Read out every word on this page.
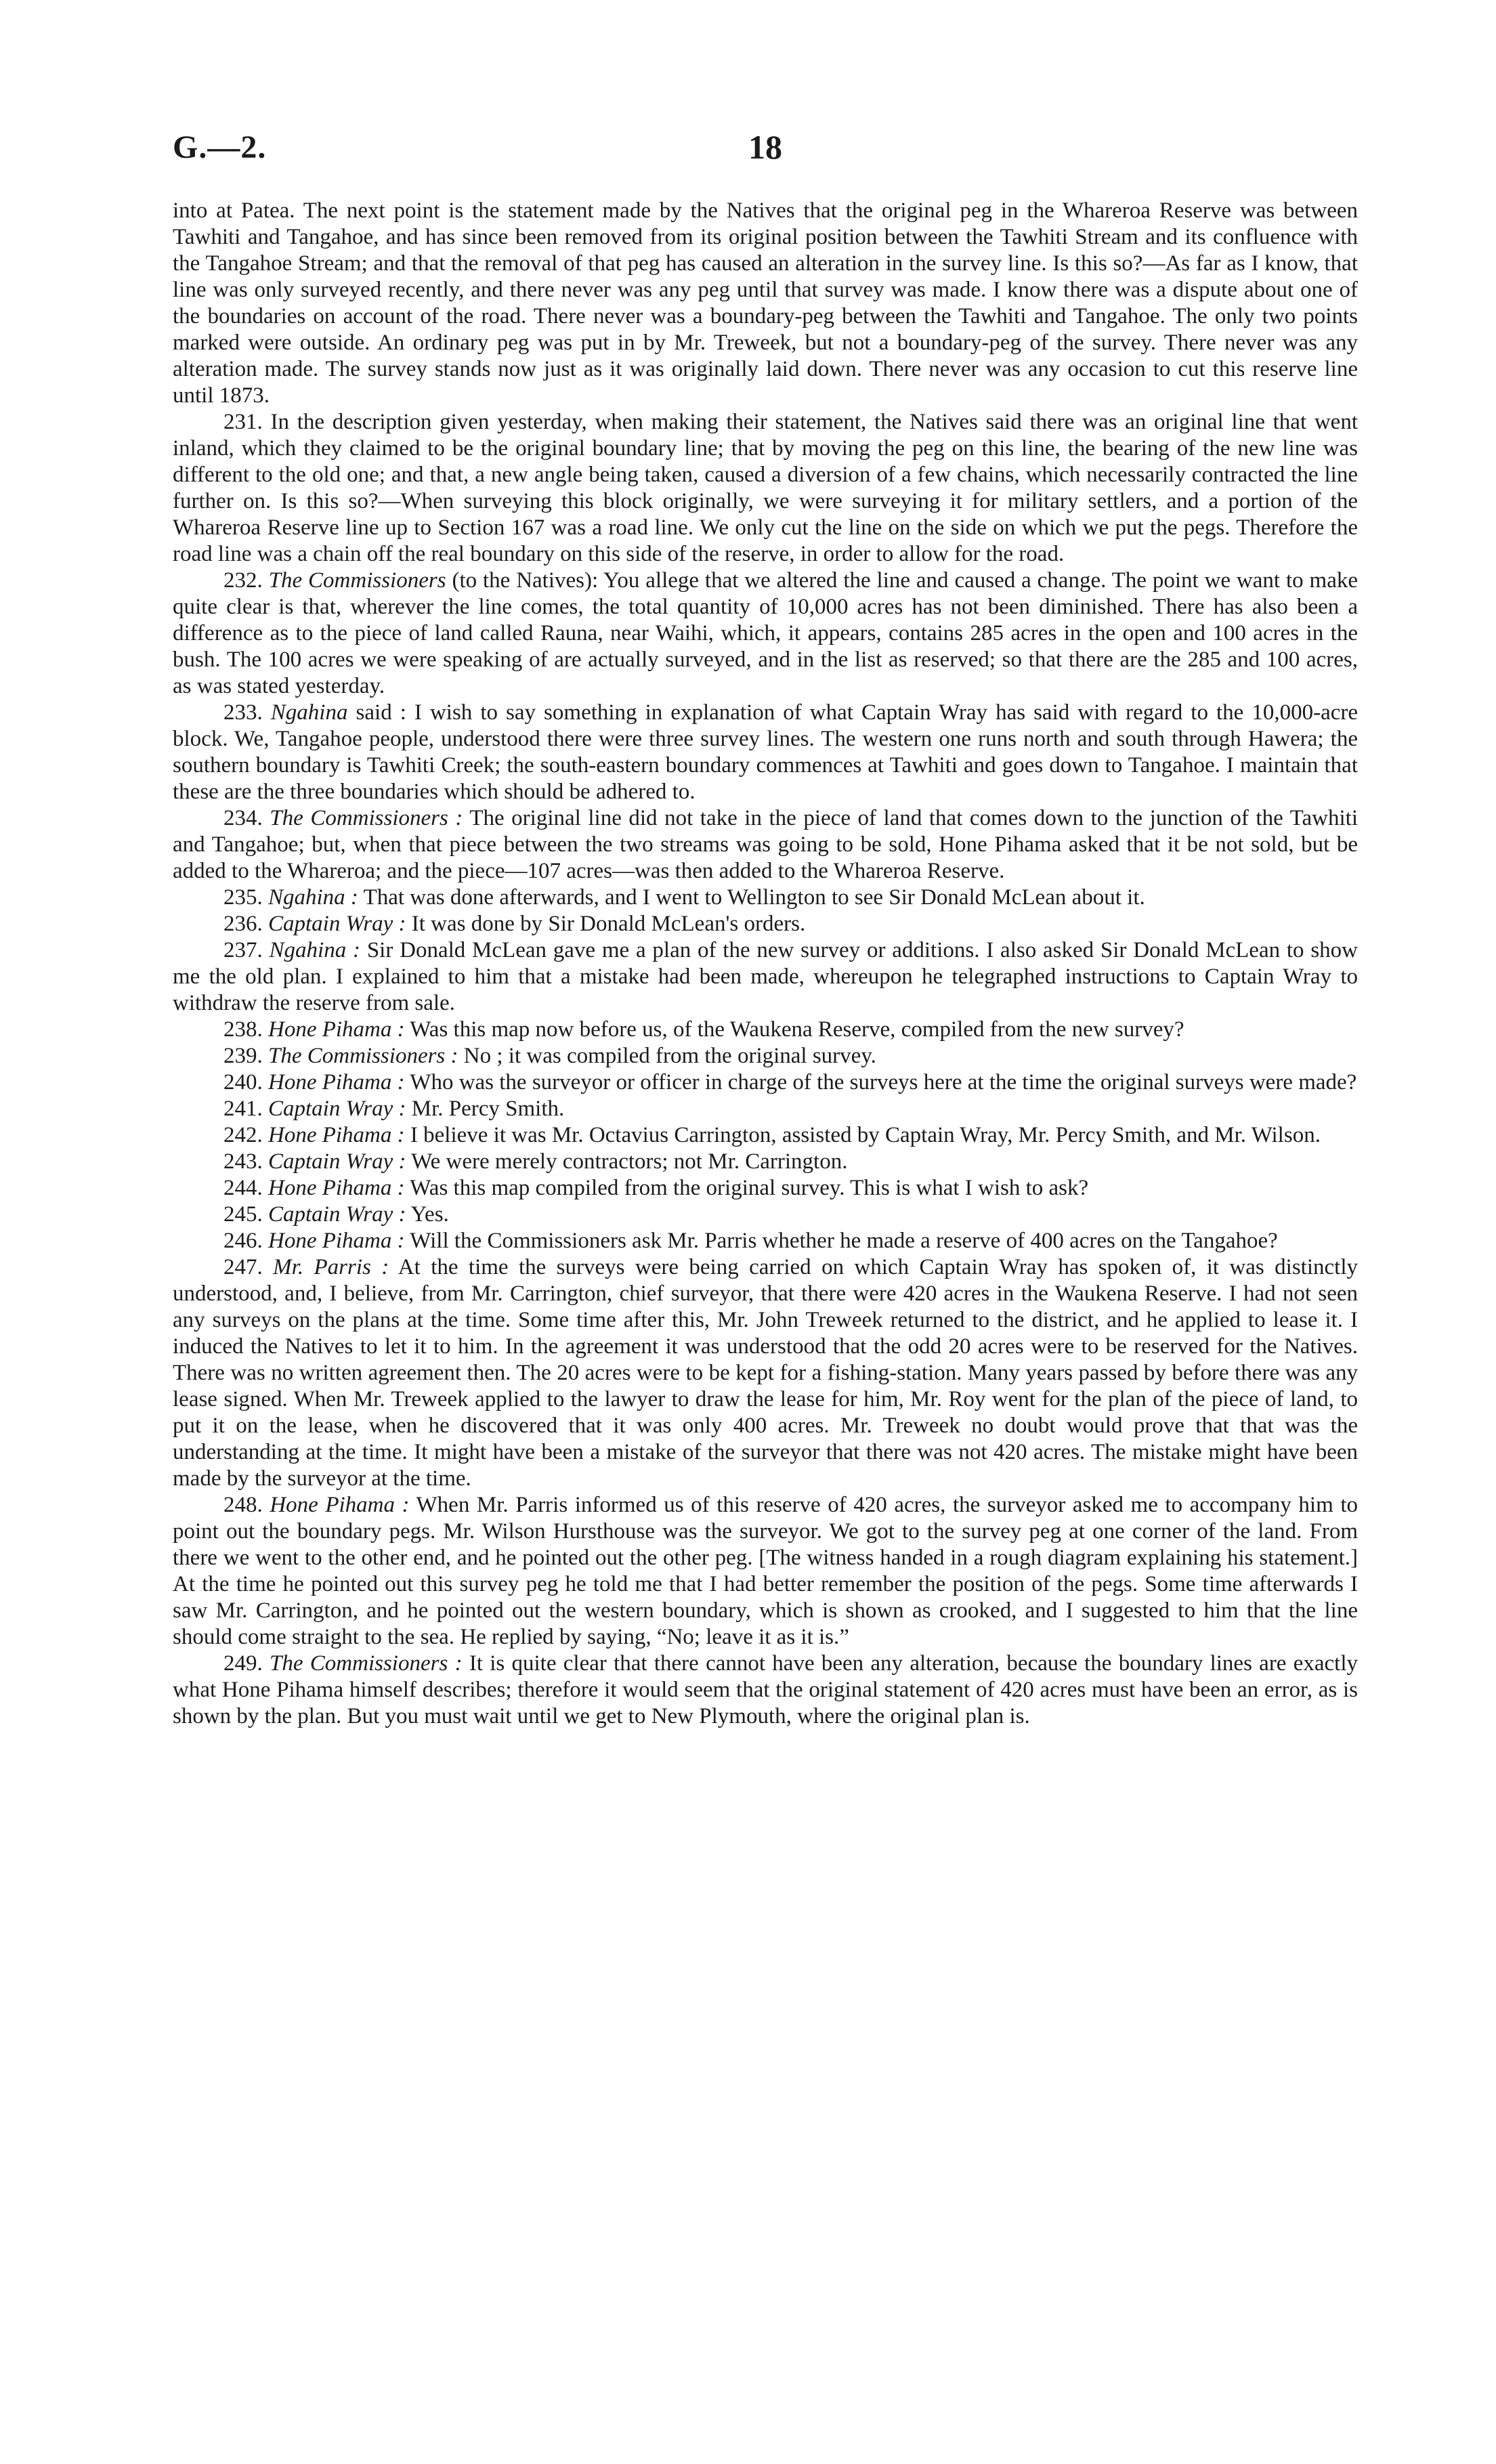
G.—2.	18

into at Patea. The next point is the statement made by the Natives that the original peg in the Whareroa Reserve was between Tawhiti and Tangahoe, and has since been removed from its original position between the Tawhiti Stream and its confluence with the Tangahoe Stream; and that the removal of that peg has caused an alteration in the survey line. Is this so?—As far as I know, that line was only surveyed recently, and there never was any peg until that survey was made. I know there was a dispute about one of the boundaries on account of the road. There never was a boundary-peg between the Tawhiti and Tangahoe. The only two points marked were outside. An ordinary peg was put in by Mr. Treweek, but not a boundary-peg of the survey. There never was any alteration made. The survey stands now just as it was originally laid down. There never was any occasion to cut this reserve line until 1873.

231. In the description given yesterday, when making their statement, the Natives said there was an original line that went inland, which they claimed to be the original boundary line; that by moving the peg on this line, the bearing of the new line was different to the old one; and that, a new angle being taken, caused a diversion of a few chains, which necessarily contracted the line further on. Is this so?—When surveying this block originally, we were surveying it for military settlers, and a portion of the Whareroa Reserve line up to Section 167 was a road line. We only cut the line on the side on which we put the pegs. Therefore the road line was a chain off the real boundary on this side of the reserve, in order to allow for the road.

232. The Commissioners (to the Natives): You allege that we altered the line and caused a change. The point we want to make quite clear is that, wherever the line comes, the total quantity of 10,000 acres has not been diminished. There has also been a difference as to the piece of land called Rauna, near Waihi, which, it appears, contains 285 acres in the open and 100 acres in the bush. The 100 acres we were speaking of are actually surveyed, and in the list as reserved; so that there are the 285 and 100 acres, as was stated yesterday.

233. Ngahina said : I wish to say something in explanation of what Captain Wray has said with regard to the 10,000-acre block. We, Tangahoe people, understood there were three survey lines. The western one runs north and south through Hawera; the southern boundary is Tawhiti Creek; the south-eastern boundary commences at Tawhiti and goes down to Tangahoe. I maintain that these are the three boundaries which should be adhered to.

234. The Commissioners : The original line did not take in the piece of land that comes down to the junction of the Tawhiti and Tangahoe; but, when that piece between the two streams was going to be sold, Hone Pihama asked that it be not sold, but be added to the Whareroa; and the piece—107 acres—was then added to the Whareroa Reserve.

235. Ngahina : That was done afterwards, and I went to Wellington to see Sir Donald McLean about it.

236. Captain Wray : It was done by Sir Donald McLean's orders.

237. Ngahina : Sir Donald McLean gave me a plan of the new survey or additions. I also asked Sir Donald McLean to show me the old plan. I explained to him that a mistake had been made, whereupon he telegraphed instructions to Captain Wray to withdraw the reserve from sale.

238. Hone Pihama : Was this map now before us, of the Waukena Reserve, compiled from the new survey?

239. The Commissioners : No ; it was compiled from the original survey.

240. Hone Pihama : Who was the surveyor or officer in charge of the surveys here at the time the original surveys were made?

241. Captain Wray : Mr. Percy Smith.

242. Hone Pihama : I believe it was Mr. Octavius Carrington, assisted by Captain Wray, Mr. Percy Smith, and Mr. Wilson.

243. Captain Wray : We were merely contractors; not Mr. Carrington.

244. Hone Pihama : Was this map compiled from the original survey. This is what I wish to ask?

245. Captain Wray : Yes.

246. Hone Pihama : Will the Commissioners ask Mr. Parris whether he made a reserve of 400 acres on the Tangahoe?

247. Mr. Parris : At the time the surveys were being carried on which Captain Wray has spoken of, it was distinctly understood, and, I believe, from Mr. Carrington, chief surveyor, that there were 420 acres in the Waukena Reserve. I had not seen any surveys on the plans at the time. Some time after this, Mr. John Treweek returned to the district, and he applied to lease it. I induced the Natives to let it to him. In the agreement it was understood that the odd 20 acres were to be reserved for the Natives. There was no written agreement then. The 20 acres were to be kept for a fishing-station. Many years passed by before there was any lease signed. When Mr. Treweek applied to the lawyer to draw the lease for him, Mr. Roy went for the plan of the piece of land, to put it on the lease, when he discovered that it was only 400 acres. Mr. Treweek no doubt would prove that that was the understanding at the time. It might have been a mistake of the surveyor that there was not 420 acres. The mistake might have been made by the surveyor at the time.

248. Hone Pihama : When Mr. Parris informed us of this reserve of 420 acres, the surveyor asked me to accompany him to point out the boundary pegs. Mr. Wilson Hursthouse was the surveyor. We got to the survey peg at one corner of the land. From there we went to the other end, and he pointed out the other peg. [The witness handed in a rough diagram explaining his statement.] At the time he pointed out this survey peg he told me that I had better remember the position of the pegs. Some time afterwards I saw Mr. Carrington, and he pointed out the western boundary, which is shown as crooked, and I suggested to him that the line should come straight to the sea. He replied by saying, “No; leave it as it is.”

249. The Commissioners : It is quite clear that there cannot have been any alteration, because the boundary lines are exactly what Hone Pihama himself describes; therefore it would seem that the original statement of 420 acres must have been an error, as is shown by the plan. But you must wait until we get to New Plymouth, where the original plan is.
